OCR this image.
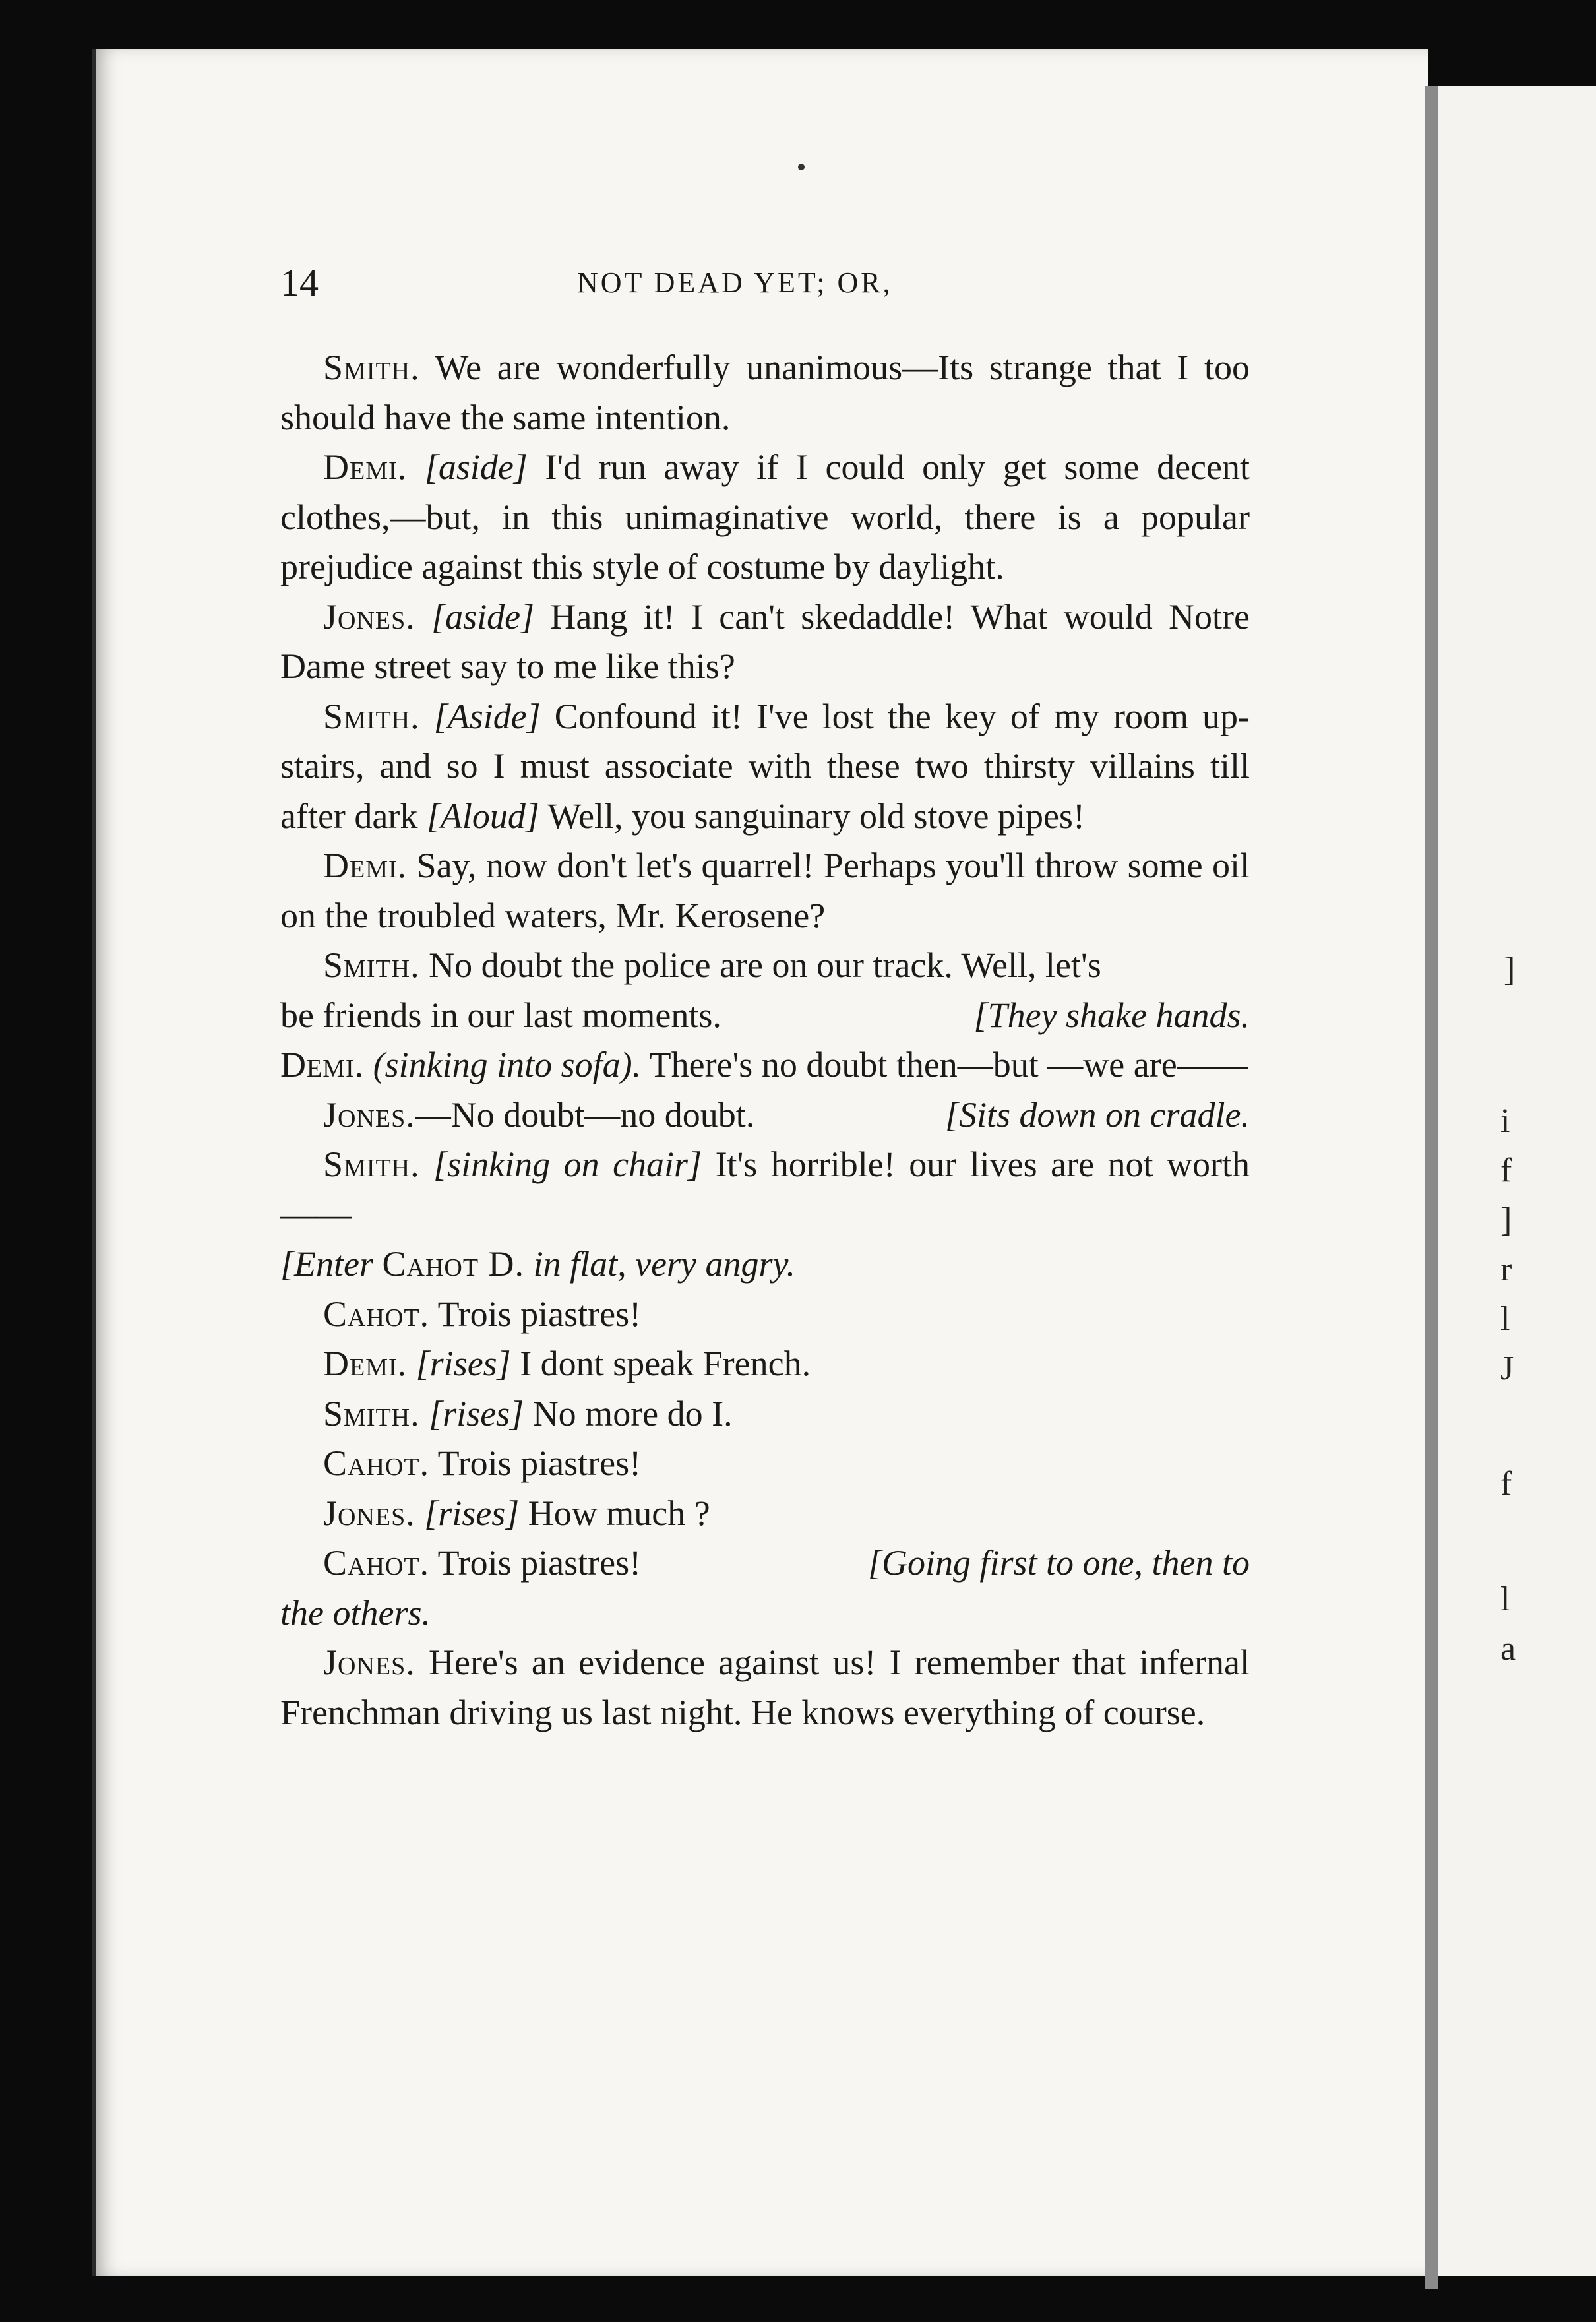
]
i
f
]
r
l
J
f
l
a
14	NOT DEAD YET; OR,

Smith. We are wonderfully unanimous—Its strange that I too should have the same intention.

Demi. [aside] I'd run away if I could only get some decent clothes,—but, in this unimaginative world, there is a popular prejudice against this style of costume by daylight.

Jones. [aside] Hang it! I can't skedaddle! What would Notre Dame street say to me like this?

Smith. [Aside] Confound it! I've lost the key of my room up-stairs, and so I must associate with these two thirsty villains till after dark [Aloud] Well, you sanguinary old stove pipes!

Demi. Say, now don't let's quarrel! Perhaps you'll throw some oil on the troubled waters, Mr. Kerosene?

Smith. No doubt the police are on our track. Well, let's

be friends in our last moments.	[They shake hands.

Demi. (sinking into sofa). There's no doubt then—but —we are——

Jones.—No doubt—no doubt.	[Sits down on cradle.

Smith. [sinking on chair] It's horrible! our lives are not worth——

[Enter Cahot D. in flat, very angry.

Cahot. Trois piastres!

Demi. [rises] I dont speak French.

Smith. [rises] No more do I.

Cahot. Trois piastres!

Jones. [rises] How much ?

Cahot. Trois piastres!	[Going first to one, then to

the others.

Jones. Here's an evidence against us! I remember that infernal Frenchman driving us last night. He knows everything of course.
